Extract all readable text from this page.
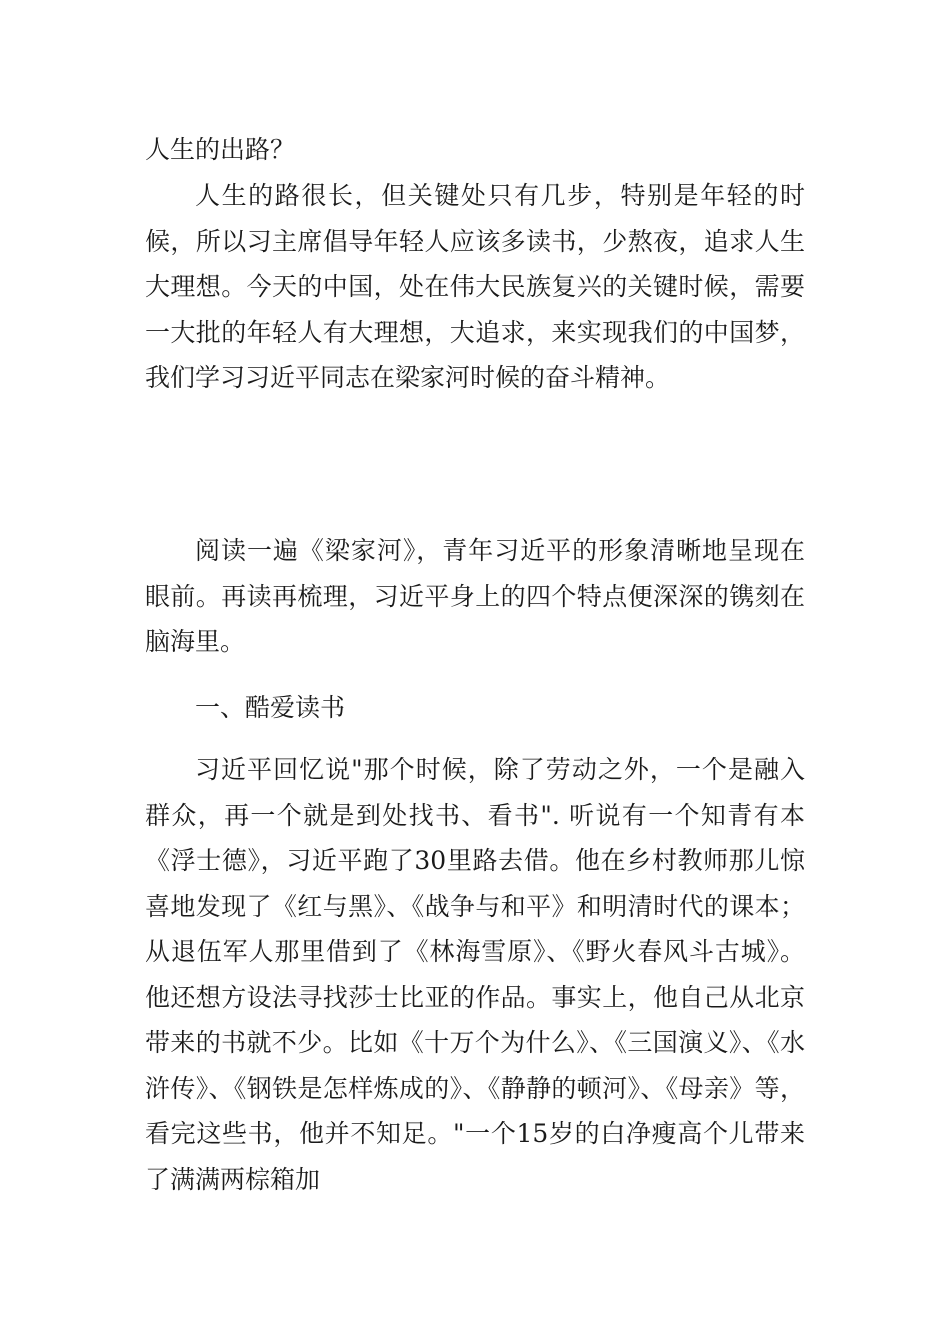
人生的出路？

人生的路很长，但关键处只有几步，特别是年轻的时候，所以习主席倡导年轻人应该多读书，少熬夜，追求人生大理想。今天的中国，处在伟大民族复兴的关键时候，需要一大批的年轻人有大理想，大追求，来实现我们的中国梦，我们学习习近平同志在梁家河时候的奋斗精神。

阅读一遍《梁家河》，青年习近平的形象清晰地呈现在眼前。再读再梳理，习近平身上的四个特点便深深的镌刻在脑海里。

一、酷爱读书

习近平回忆说"那个时候，除了劳动之外，一个是融入群众，再一个就是到处找书、看书". 听说有一个知青有本《浮士德》，习近平跑了30里路去借。他在乡村教师那儿惊喜地发现了《红与黑》、《战争与和平》和明清时代的课本；从退伍军人那里借到了《林海雪原》、《野火春风斗古城》。他还想方设法寻找莎士比亚的作品。事实上，他自己从北京带来的书就不少。比如《十万个为什么》、《三国演义》、《水浒传》、《钢铁是怎样炼成的》、《静静的顿河》、《母亲》等，看完这些书，他并不知足。"一个15岁的白净瘦高个儿带来了满满两棕箱加
